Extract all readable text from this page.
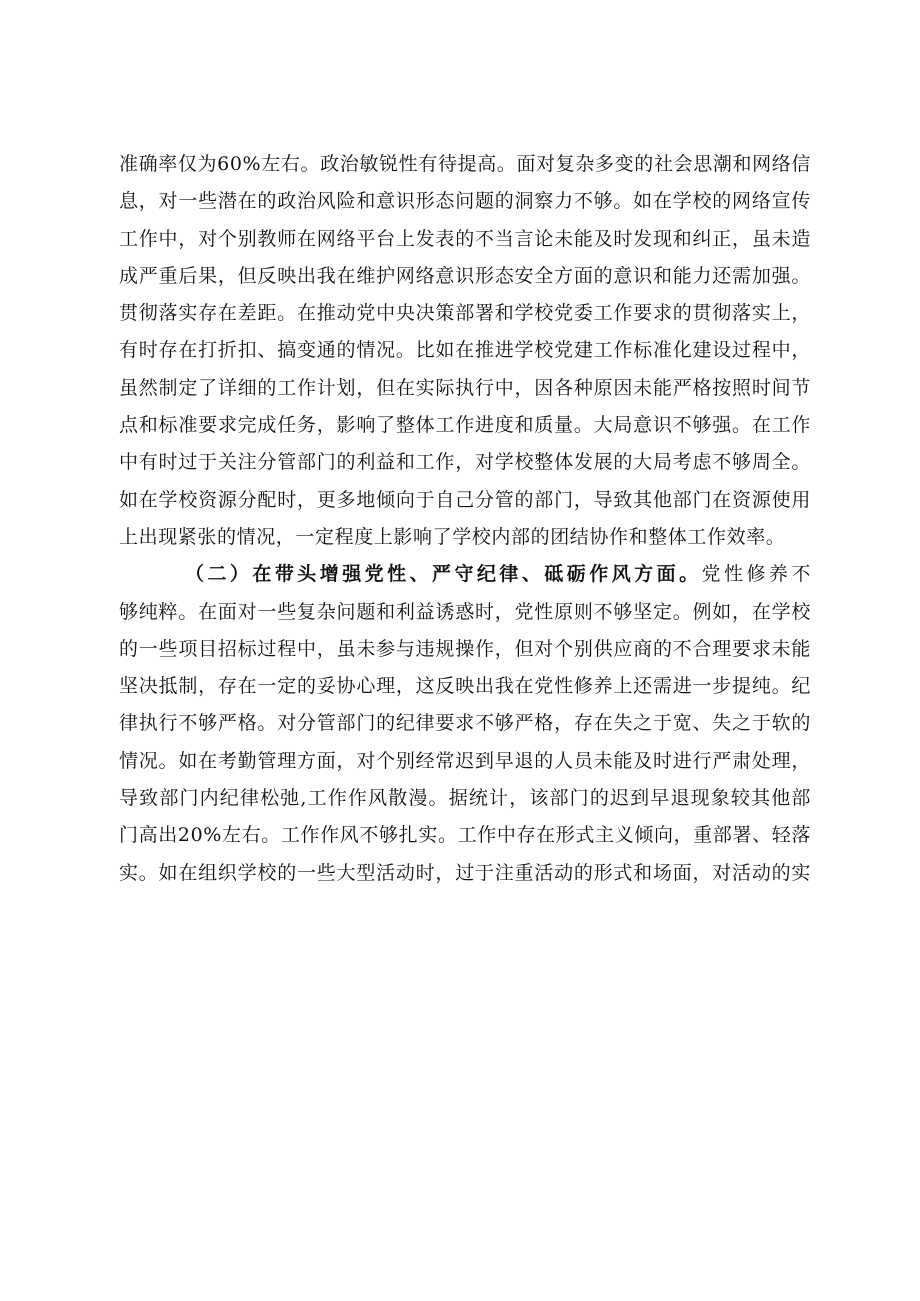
准确率仅为60%左右。政治敏锐性有待提高。面对复杂多变的社会思潮和网络信
息，对一些潜在的政治风险和意识形态问题的洞察力不够。如在学校的网络宣传
工作中，对个别教师在网络平台上发表的不当言论未能及时发现和纠正，虽未造
成严重后果，但反映出我在维护网络意识形态安全方面的意识和能力还需加强。
贯彻落实存在差距。在推动党中央决策部署和学校党委工作要求的贯彻落实上，
有时存在打折扣、搞变通的情况。比如在推进学校党建工作标准化建设过程中，
虽然制定了详细的工作计划，但在实际执行中，因各种原因未能严格按照时间节
点和标准要求完成任务，影响了整体工作进度和质量。大局意识不够强。在工作
中有时过于关注分管部门的利益和工作，对学校整体发展的大局考虑不够周全。
如在学校资源分配时，更多地倾向于自己分管的部门，导致其他部门在资源使用
上出现紧张的情况，一定程度上影响了学校内部的团结协作和整体工作效率。
（二）在带头增强党性、严守纪律、砥砺作风方面。党性修养不
够纯粹。在面对一些复杂问题和利益诱惑时，党性原则不够坚定。例如，在学校
的一些项目招标过程中，虽未参与违规操作，但对个别供应商的不合理要求未能
坚决抵制，存在一定的妥协心理，这反映出我在党性修养上还需进一步提纯。纪
律执行不够严格。对分管部门的纪律要求不够严格，存在失之于宽、失之于软的
情况。如在考勤管理方面，对个别经常迟到早退的人员未能及时进行严肃处理，
导致部门内纪律松弛,工作作风散漫。据统计，该部门的迟到早退现象较其他部
门高出20%左右。工作作风不够扎实。工作中存在形式主义倾向，重部署、轻落
实。如在组织学校的一些大型活动时，过于注重活动的形式和场面，对活动的实
